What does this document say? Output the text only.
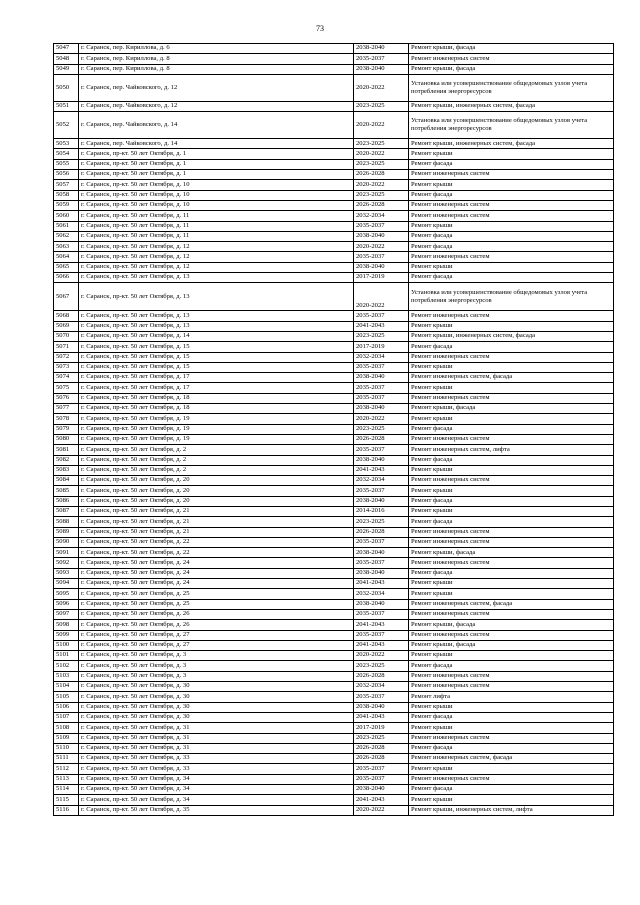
73
5047	г. Саранск, пер. Кириллова, д. 6	2038-2040	Ремонт крыши, фасада
5048	г. Саранск, пер. Кириллова, д. 8	2035-2037	Ремонт инженерных систем
5049	г. Саранск, пер. Кириллова, д. 8	2038-2040	Ремонт крыши, фасада
5050	г. Саранск, пер. Чайковского, д. 12	2020-2022	Установка или усовершенствование общедомовых узлов учета потребления энергоресурсов
5051	г. Саранск, пер. Чайковского, д. 12	2023-2025	Ремонт крыши, инженерных систем, фасада
5052	г. Саранск, пер. Чайковского, д. 14	2020-2022	Установка или усовершенствование общедомовых узлов учета потребления энергоресурсов
5053	г. Саранск, пер. Чайковского, д. 14	2023-2025	Ремонт крыши, инженерных систем, фасада
5054	г. Саранск, пр-кт. 50 лет Октября, д. 1	2020-2022	Ремонт крыши
5055	г. Саранск, пр-кт. 50 лет Октября, д. 1	2023-2025	Ремонт фасада
5056	г. Саранск, пр-кт. 50 лет Октября, д. 1	2026-2028	Ремонт инженерных систем
5057	г. Саранск, пр-кт. 50 лет Октября, д. 10	2020-2022	Ремонт крыши
5058	г. Саранск, пр-кт. 50 лет Октября, д. 10	2023-2025	Ремонт фасада
5059	г. Саранск, пр-кт. 50 лет Октября, д. 10	2026-2028	Ремонт инженерных систем
5060	г. Саранск, пр-кт. 50 лет Октября, д. 11	2032-2034	Ремонт инженерных систем
5061	г. Саранск, пр-кт. 50 лет Октября, д. 11	2035-2037	Ремонт крыши
5062	г. Саранск, пр-кт. 50 лет Октября, д. 11	2038-2040	Ремонт фасада
5063	г. Саранск, пр-кт. 50 лет Октября, д. 12	2020-2022	Ремонт фасада
5064	г. Саранск, пр-кт. 50 лет Октября, д. 12	2035-2037	Ремонт инженерных систем
5065	г. Саранск, пр-кт. 50 лет Октября, д. 12	2038-2040	Ремонт крыши
5066	г. Саранск, пр-кт. 50 лет Октября, д. 13	2017-2019	Ремонт фасада
5067	г. Саранск, пр-кт. 50 лет Октября, д. 13	2020-2022	Установка или усовершенствование общедомовых узлов учета потребления энергоресурсов
5068	г. Саранск, пр-кт. 50 лет Октября, д. 13	2035-2037	Ремонт инженерных систем
5069	г. Саранск, пр-кт. 50 лет Октября, д. 13	2041-2043	Ремонт крыши
5070	г. Саранск, пр-кт. 50 лет Октября, д. 14	2023-2025	Ремонт крыши, инженерных систем, фасада
5071	г. Саранск, пр-кт. 50 лет Октября, д. 15	2017-2019	Ремонт фасада
5072	г. Саранск, пр-кт. 50 лет Октября, д. 15	2032-2034	Ремонт инженерных систем
5073	г. Саранск, пр-кт. 50 лет Октября, д. 15	2035-2037	Ремонт крыши
5074	г. Саранск, пр-кт. 50 лет Октября, д. 17	2038-2040	Ремонт инженерных систем, фасада
5075	г. Саранск, пр-кт. 50 лет Октября, д. 17	2035-2037	Ремонт крыши
5076	г. Саранск, пр-кт. 50 лет Октября, д. 18	2035-2037	Ремонт инженерных систем
5077	г. Саранск, пр-кт. 50 лет Октября, д. 18	2038-2040	Ремонт крыши, фасада
5078	г. Саранск, пр-кт. 50 лет Октября, д. 19	2020-2022	Ремонт крыши
5079	г. Саранск, пр-кт. 50 лет Октября, д. 19	2023-2025	Ремонт фасада
5080	г. Саранск, пр-кт. 50 лет Октября, д. 19	2026-2028	Ремонт инженерных систем
5081	г. Саранск, пр-кт. 50 лет Октября, д. 2	2035-2037	Ремонт инженерных систем, лифта
5082	г. Саранск, пр-кт. 50 лет Октября, д. 2	2038-2040	Ремонт фасада
5083	г. Саранск, пр-кт. 50 лет Октября, д. 2	2041-2043	Ремонт крыши
5084	г. Саранск, пр-кт. 50 лет Октября, д. 20	2032-2034	Ремонт инженерных систем
5085	г. Саранск, пр-кт. 50 лет Октября, д. 20	2035-2037	Ремонт крыши
5086	г. Саранск, пр-кт. 50 лет Октября, д. 20	2038-2040	Ремонт фасада
5087	г. Саранск, пр-кт. 50 лет Октября, д. 21	2014-2016	Ремонт крыши
5088	г. Саранск, пр-кт. 50 лет Октября, д. 21	2023-2025	Ремонт фасада
5089	г. Саранск, пр-кт. 50 лет Октября, д. 21	2026-2028	Ремонт инженерных систем
5090	г. Саранск, пр-кт. 50 лет Октября, д. 22	2035-2037	Ремонт инженерных систем
5091	г. Саранск, пр-кт. 50 лет Октября, д. 22	2038-2040	Ремонт крыши, фасада
5092	г. Саранск, пр-кт. 50 лет Октября, д. 24	2035-2037	Ремонт инженерных систем
5093	г. Саранск, пр-кт. 50 лет Октября, д. 24	2038-2040	Ремонт фасада
5094	г. Саранск, пр-кт. 50 лет Октября, д. 24	2041-2043	Ремонт крыши
5095	г. Саранск, пр-кт. 50 лет Октября, д. 25	2032-2034	Ремонт крыши
5096	г. Саранск, пр-кт. 50 лет Октября, д. 25	2038-2040	Ремонт инженерных систем, фасада
5097	г. Саранск, пр-кт. 50 лет Октября, д. 26	2035-2037	Ремонт инженерных систем
5098	г. Саранск, пр-кт. 50 лет Октября, д. 26	2041-2043	Ремонт крыши, фасада
5099	г. Саранск, пр-кт. 50 лет Октября, д. 27	2035-2037	Ремонт инженерных систем
5100	г. Саранск, пр-кт. 50 лет Октября, д. 27	2041-2043	Ремонт крыши, фасада
5101	г. Саранск, пр-кт. 50 лет Октября, д. 3	2020-2022	Ремонт крыши
5102	г. Саранск, пр-кт. 50 лет Октября, д. 3	2023-2025	Ремонт фасада
5103	г. Саранск, пр-кт. 50 лет Октября, д. 3	2026-2028	Ремонт инженерных систем
5104	г. Саранск, пр-кт. 50 лет Октября, д. 30	2032-2034	Ремонт инженерных систем
5105	г. Саранск, пр-кт. 50 лет Октября, д. 30	2035-2037	Ремонт лифта
5106	г. Саранск, пр-кт. 50 лет Октября, д. 30	2038-2040	Ремонт крыши
5107	г. Саранск, пр-кт. 50 лет Октября, д. 30	2041-2043	Ремонт фасада
5108	г. Саранск, пр-кт. 50 лет Октября, д. 31	2017-2019	Ремонт крыши
5109	г. Саранск, пр-кт. 50 лет Октября, д. 31	2023-2025	Ремонт инженерных систем
5110	г. Саранск, пр-кт. 50 лет Октября, д. 31	2026-2028	Ремонт фасада
5111	г. Саранск, пр-кт. 50 лет Октября, д. 33	2026-2028	Ремонт инженерных систем, фасада
5112	г. Саранск, пр-кт. 50 лет Октября, д. 33	2035-2037	Ремонт крыши
5113	г. Саранск, пр-кт. 50 лет Октября, д. 34	2035-2037	Ремонт инженерных систем
5114	г. Саранск, пр-кт. 50 лет Октября, д. 34	2038-2040	Ремонт фасада
5115	г. Саранск, пр-кт. 50 лет Октября, д. 34	2041-2043	Ремонт крыши
5116	г. Саранск, пр-кт. 50 лет Октября, д. 35	2020-2022	Ремонт крыши, инженерных систем, лифта
